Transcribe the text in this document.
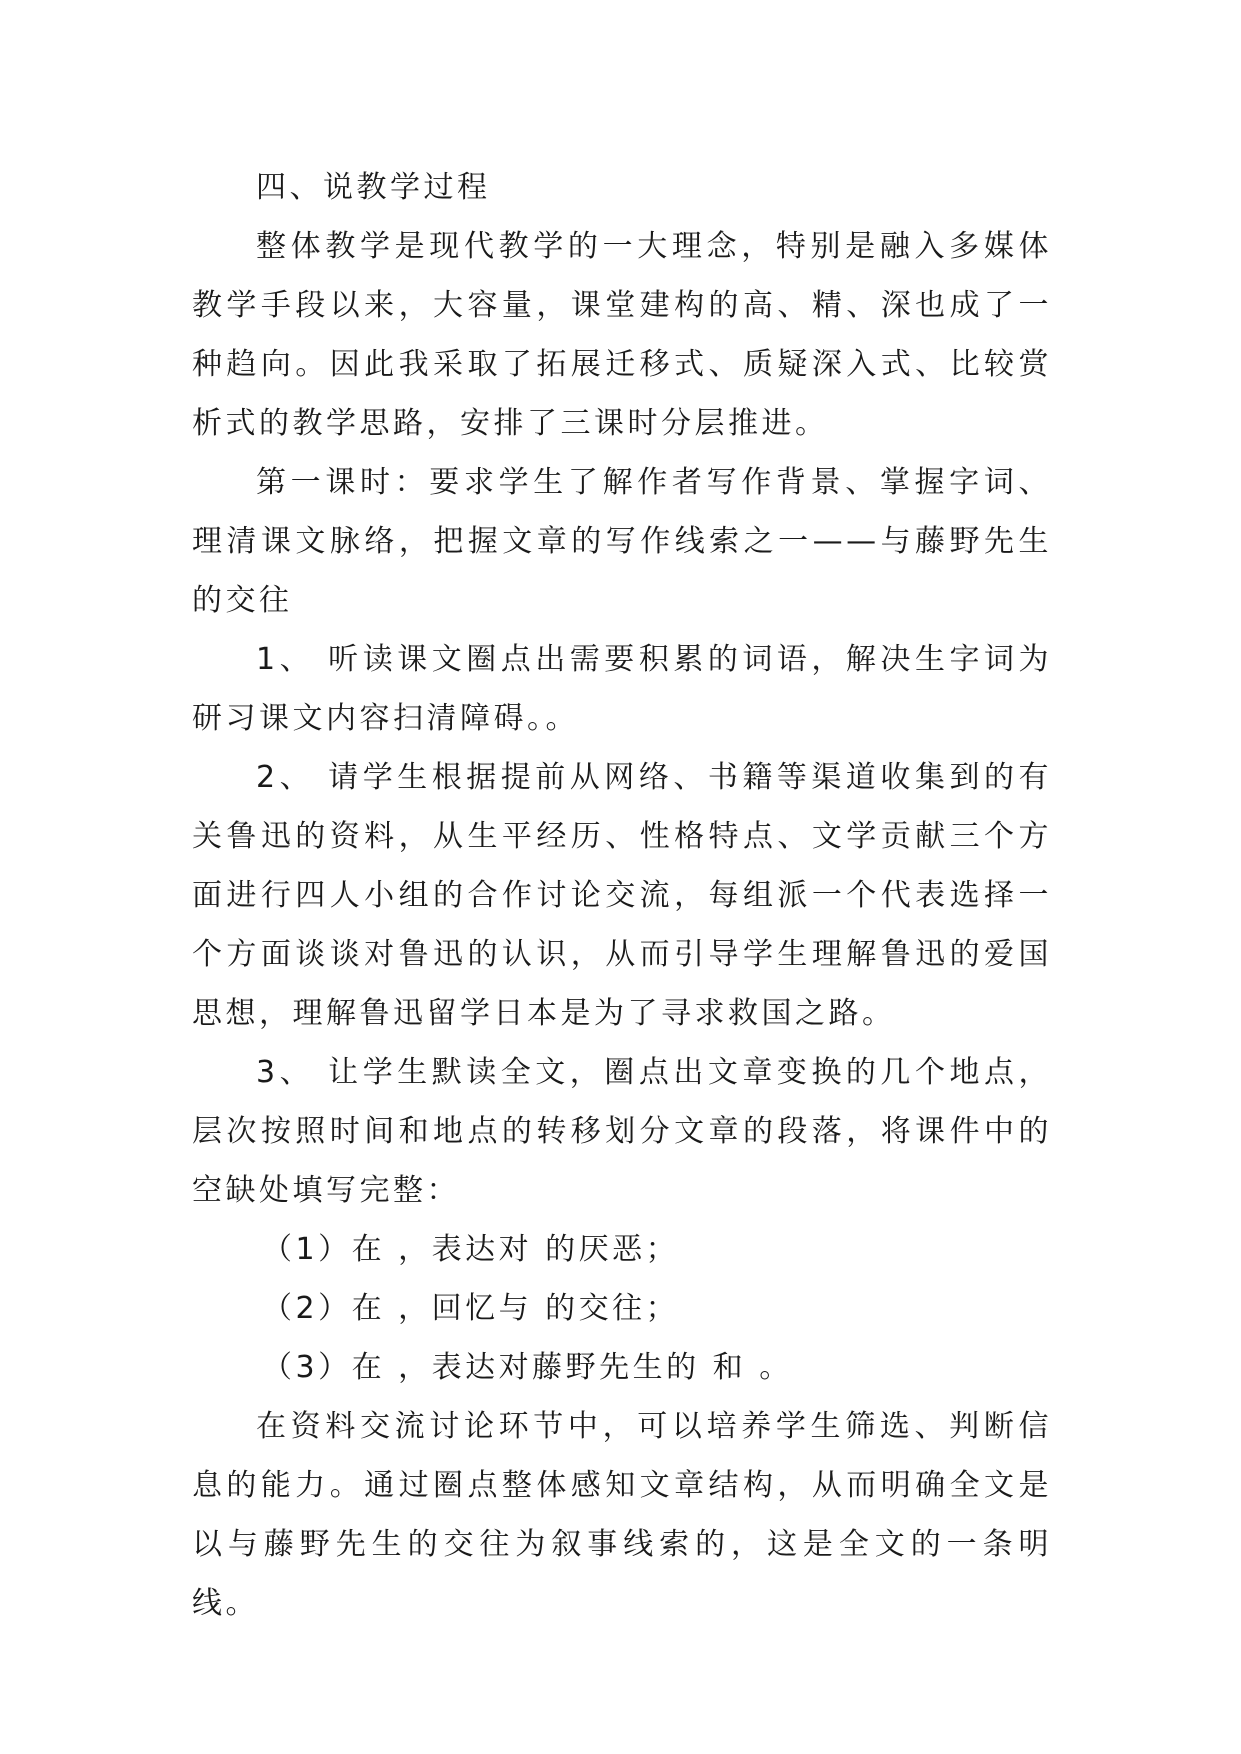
四、说教学过程

整体教学是现代教学的一大理念，特别是融入多媒体教学手段以来，大容量，课堂建构的高、精、深也成了一种趋向。因此我采取了拓展迁移式、质疑深入式、比较赏析式的教学思路，安排了三课时分层推进。

第一课时：要求学生了解作者写作背景、掌握字词、理清课文脉络，把握文章的写作线索之一——与藤野先生的交往

1、 听读课文圈点出需要积累的词语，解决生字词为研习课文内容扫清障碍。。

2、 请学生根据提前从网络、书籍等渠道收集到的有关鲁迅的资料，从生平经历、性格特点、文学贡献三个方面进行四人小组的合作讨论交流，每组派一个代表选择一个方面谈谈对鲁迅的认识，从而引导学生理解鲁迅的爱国思想，理解鲁迅留学日本是为了寻求救国之路。

3、 让学生默读全文，圈点出文章变换的几个地点，层次按照时间和地点的转移划分文章的段落，将课件中的空缺处填写完整：

（1）在 ，表达对 的厌恶；

（2）在 ，回忆与 的交往；

（3）在 ，表达对藤野先生的 和 。

在资料交流讨论环节中，可以培养学生筛选、判断信息的能力。通过圈点整体感知文章结构，从而明确全文是以与藤野先生的交往为叙事线索的，这是全文的一条明线。
